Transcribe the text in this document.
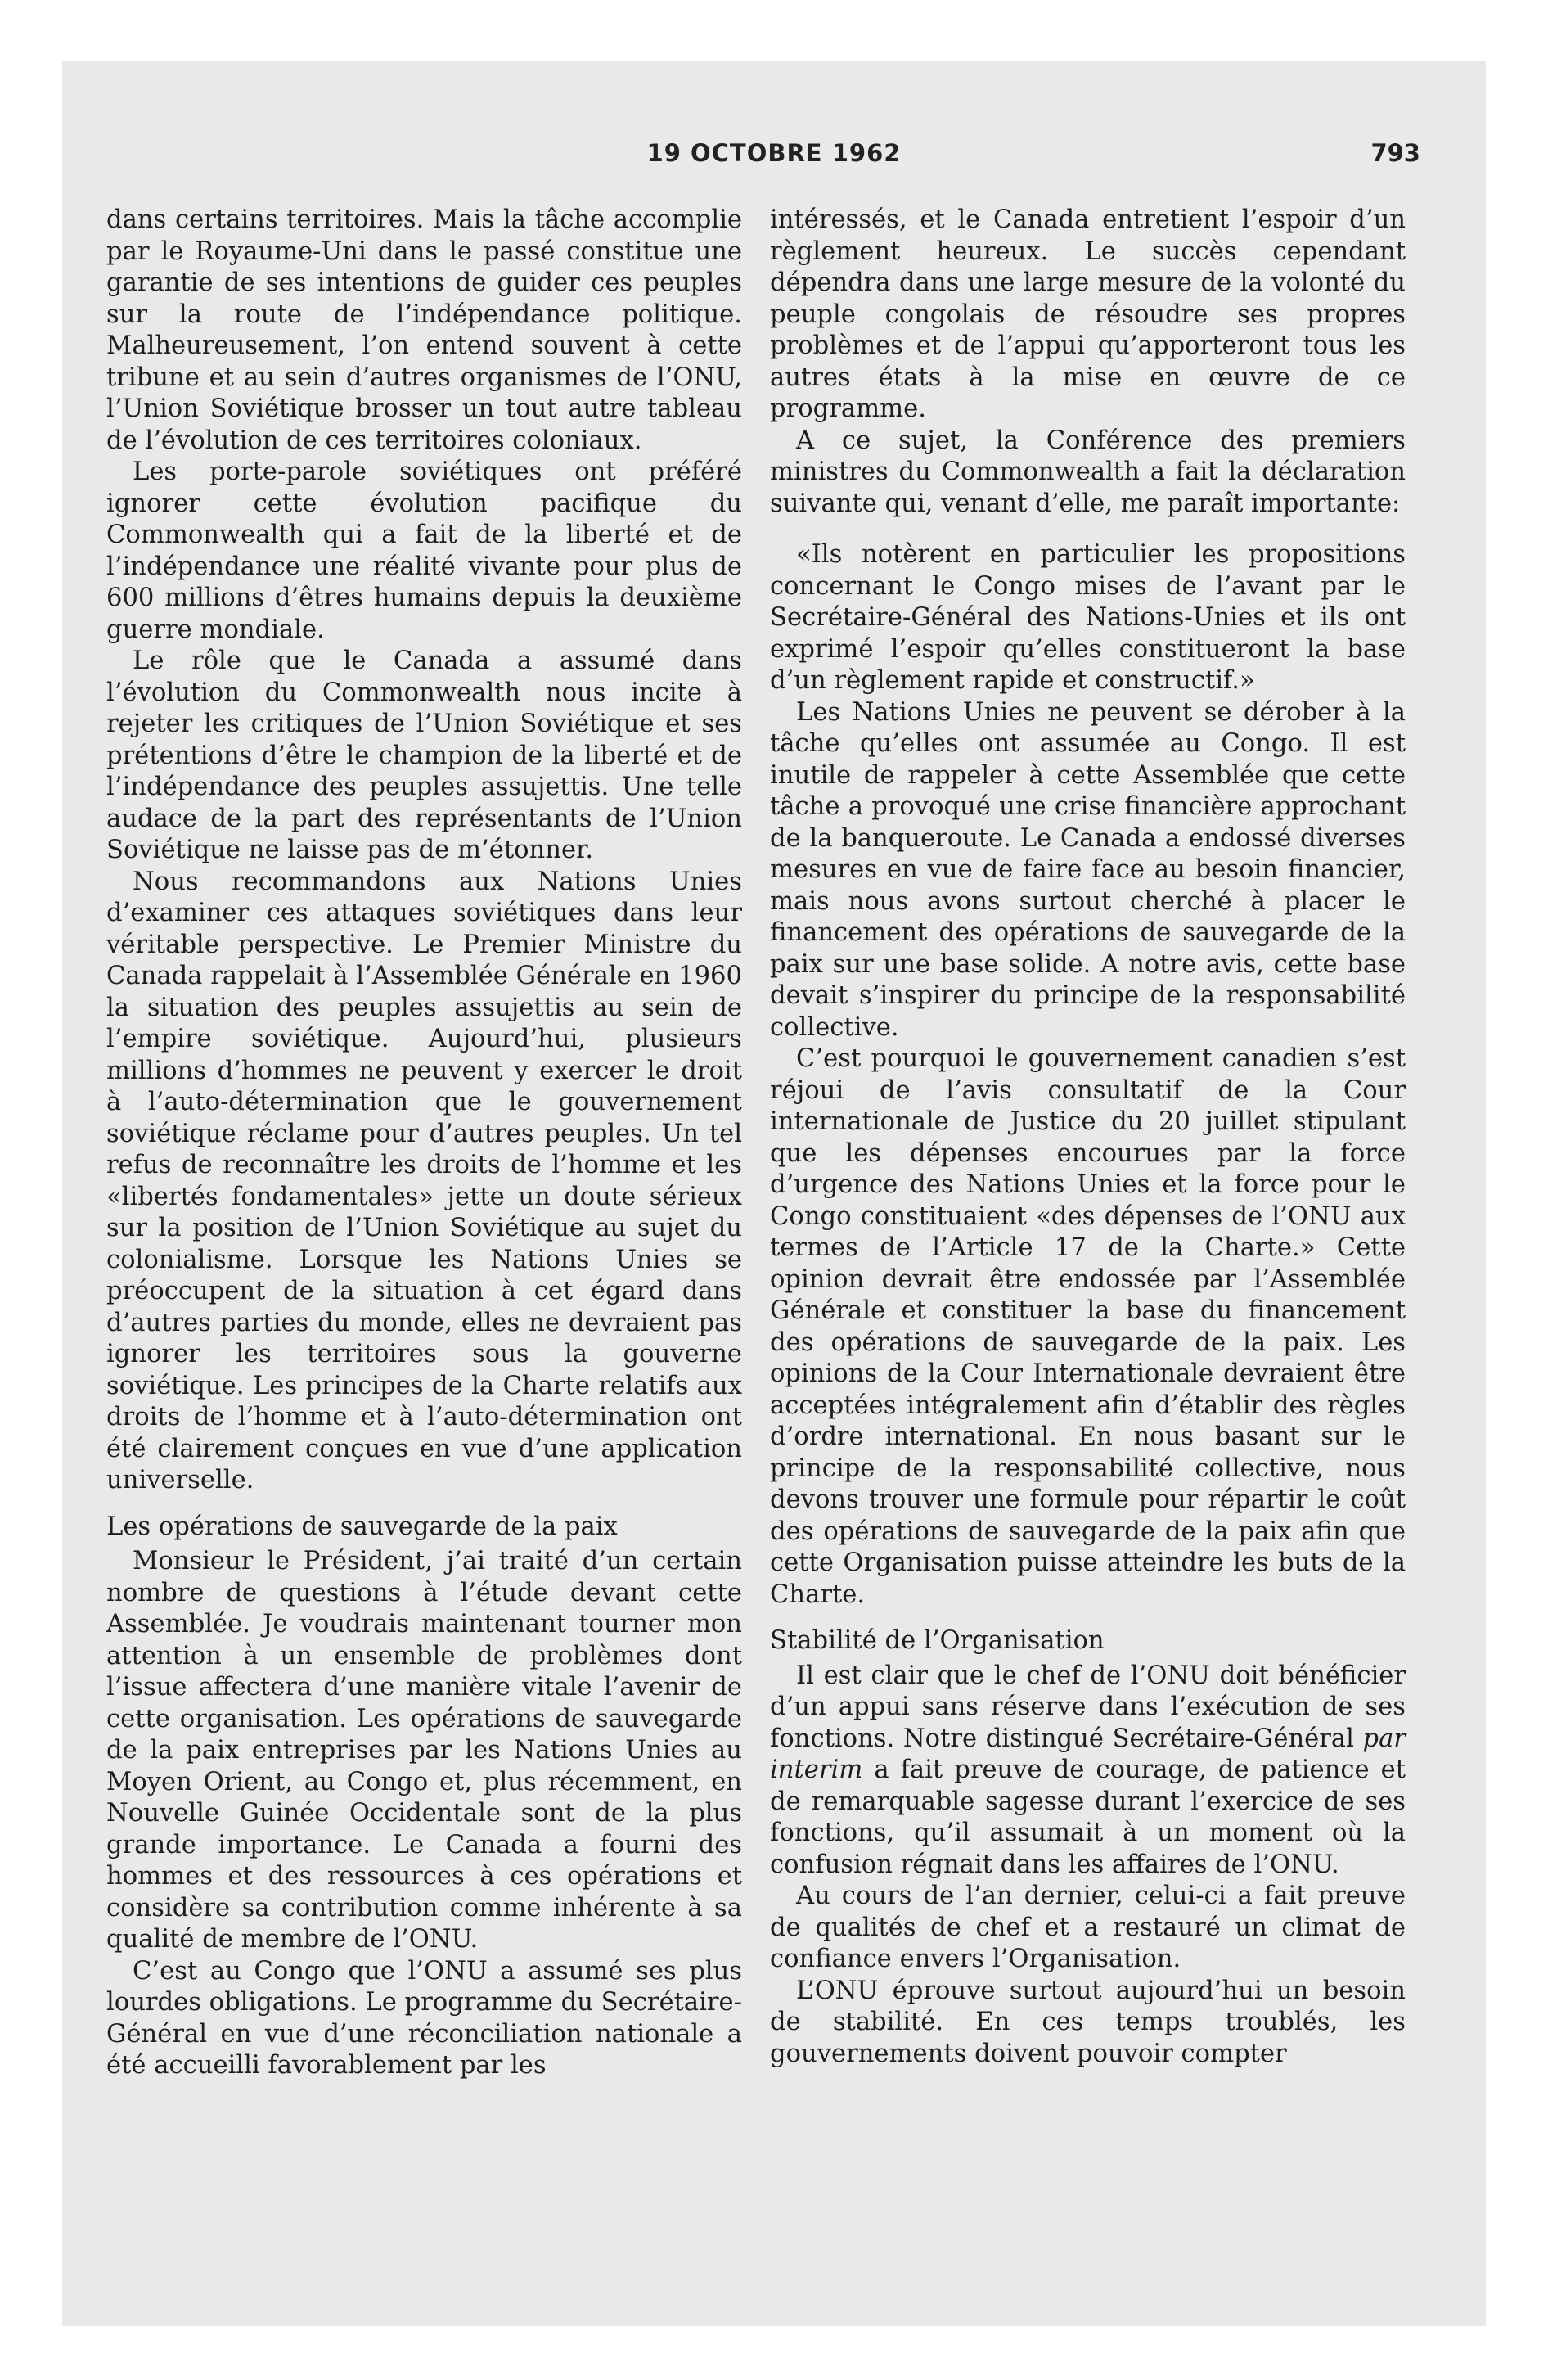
19 OCTOBRE 1962	793

dans certains territoires. Mais la tâche accomplie par le Royaume-Uni dans le passé constitue une garantie de ses intentions de guider ces peuples sur la route de l’indépendance politique. Malheureusement, l’on entend souvent à cette tribune et au sein d’autres organismes de l’ONU, l’Union Soviétique brosser un tout autre tableau de l’évolution de ces territoires coloniaux.

Les porte-parole soviétiques ont préféré ignorer cette évolution pacifique du Commonwealth qui a fait de la liberté et de l’indépendance une réalité vivante pour plus de 600 millions d’êtres humains depuis la deuxième guerre mondiale.

Le rôle que le Canada a assumé dans l’évolution du Commonwealth nous incite à rejeter les critiques de l’Union Soviétique et ses prétentions d’être le champion de la liberté et de l’indépendance des peuples assujettis. Une telle audace de la part des représentants de l’Union Soviétique ne laisse pas de m’étonner.

Nous recommandons aux Nations Unies d’examiner ces attaques soviétiques dans leur véritable perspective. Le Premier Ministre du Canada rappelait à l’Assemblée Générale en 1960 la situation des peuples assujettis au sein de l’empire soviétique. Aujourd’hui, plusieurs millions d’hommes ne peuvent y exercer le droit à l’auto-détermination que le gouvernement soviétique réclame pour d’autres peuples. Un tel refus de reconnaître les droits de l’homme et les «libertés fondamentales» jette un doute sérieux sur la position de l’Union Soviétique au sujet du colonialisme. Lorsque les Nations Unies se préoccupent de la situation à cet égard dans d’autres parties du monde, elles ne devraient pas ignorer les territoires sous la gouverne soviétique. Les principes de la Charte relatifs aux droits de l’homme et à l’auto-détermination ont été clairement conçues en vue d’une application universelle.

Les opérations de sauvegarde de la paix

Monsieur le Président, j’ai traité d’un certain nombre de questions à l’étude devant cette Assemblée. Je voudrais maintenant tourner mon attention à un ensemble de problèmes dont l’issue affectera d’une manière vitale l’avenir de cette organisation. Les opérations de sauvegarde de la paix entreprises par les Nations Unies au Moyen Orient, au Congo et, plus récemment, en Nouvelle Guinée Occidentale sont de la plus grande importance. Le Canada a fourni des hommes et des ressources à ces opérations et considère sa contribution comme inhérente à sa qualité de membre de l’ONU.

C’est au Congo que l’ONU a assumé ses plus lourdes obligations. Le programme du Secrétaire-Général en vue d’une réconciliation nationale a été accueilli favorablement par les

intéressés, et le Canada entretient l’espoir d’un règlement heureux. Le succès cependant dépendra dans une large mesure de la volonté du peuple congolais de résoudre ses propres problèmes et de l’appui qu’apporteront tous les autres états à la mise en œuvre de ce programme.

A ce sujet, la Conférence des premiers ministres du Commonwealth a fait la déclaration suivante qui, venant d’elle, me paraît importante:

«Ils notèrent en particulier les propositions concernant le Congo mises de l’avant par le Secrétaire-Général des Nations-Unies et ils ont exprimé l’espoir qu’elles constitueront la base d’un règlement rapide et constructif.»

Les Nations Unies ne peuvent se dérober à la tâche qu’elles ont assumée au Congo. Il est inutile de rappeler à cette Assemblée que cette tâche a provoqué une crise financière approchant de la banqueroute. Le Canada a endossé diverses mesures en vue de faire face au besoin financier, mais nous avons surtout cherché à placer le financement des opérations de sauvegarde de la paix sur une base solide. A notre avis, cette base devait s’inspirer du principe de la responsabilité collective.

C’est pourquoi le gouvernement canadien s’est réjoui de l’avis consultatif de la Cour internationale de Justice du 20 juillet stipulant que les dépenses encourues par la force d’urgence des Nations Unies et la force pour le Congo constituaient «des dépenses de l’ONU aux termes de l’Article 17 de la Charte.» Cette opinion devrait être endossée par l’Assemblée Générale et constituer la base du financement des opérations de sauvegarde de la paix. Les opinions de la Cour Internationale devraient être acceptées intégralement afin d’établir des règles d’ordre international. En nous basant sur le principe de la responsabilité collective, nous devons trouver une formule pour répartir le coût des opérations de sauvegarde de la paix afin que cette Organisation puisse atteindre les buts de la Charte.

Stabilité de l’Organisation

Il est clair que le chef de l’ONU doit bénéficier d’un appui sans réserve dans l’exécution de ses fonctions. Notre distingué Secrétaire-Général par interim a fait preuve de courage, de patience et de remarquable sagesse durant l’exercice de ses fonctions, qu’il assumait à un moment où la confusion régnait dans les affaires de l’ONU.

Au cours de l’an dernier, celui-ci a fait preuve de qualités de chef et a restauré un climat de confiance envers l’Organisation.

L’ONU éprouve surtout aujourd’hui un besoin de stabilité. En ces temps troublés, les gouvernements doivent pouvoir compter
